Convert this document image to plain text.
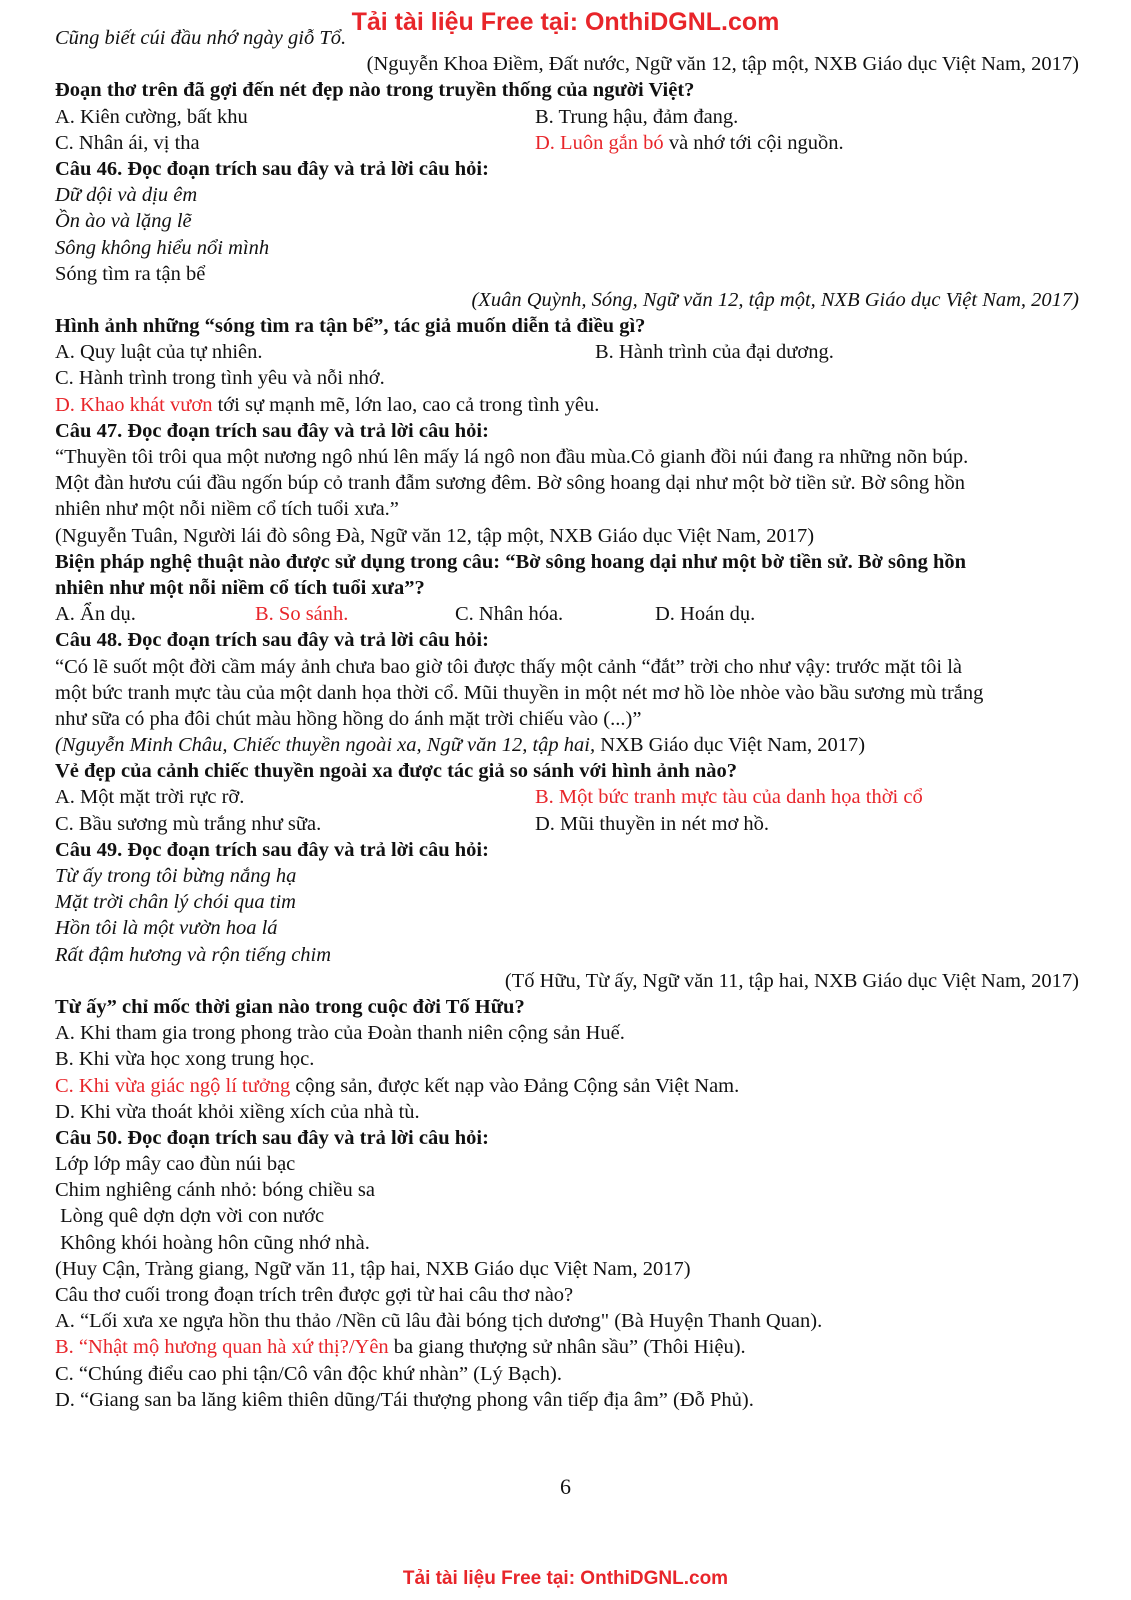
Tải tài liệu Free tại: OnthiDGNL.com
Cũng biết cúi đầu nhớ ngày giỗ Tổ.
(Nguyễn Khoa Điềm, Đất nước, Ngữ văn 12, tập một, NXB Giáo dục Việt Nam, 2017)
Đoạn thơ trên đã gợi đến nét đẹp nào trong truyền thống của người Việt?
A. Kiên cường, bất khu	B. Trung hậu, đảm đang.
C. Nhân ái, vị tha	D. Luôn gắn bó và nhớ tới cội nguồn.
Câu 46. Đọc đoạn trích sau đây và trả lời câu hỏi:
Dữ dội và dịu êm
Ồn ào và lặng lẽ
Sông không hiểu nổi mình
Sóng tìm ra tận bể
(Xuân Quỳnh, Sóng, Ngữ văn 12, tập một, NXB Giáo dục Việt Nam, 2017)
Hình ảnh những “sóng tìm ra tận bể”, tác giả muốn diễn tả điều gì?
A. Quy luật của tự nhiên.	B. Hành trình của đại dương.
C. Hành trình trong tình yêu và nỗi nhớ.
D. Khao khát vươn tới sự mạnh mẽ, lớn lao, cao cả trong tình yêu.
Câu 47. Đọc đoạn trích sau đây và trả lời câu hỏi:
“Thuyền tôi trôi qua một nương ngô nhú lên mấy lá ngô non đầu mùa.Cỏ gianh đồi núi đang ra những nõn búp.
Một đàn hươu cúi đầu ngốn búp cỏ tranh đẫm sương đêm. Bờ sông hoang dại như một bờ tiền sử. Bờ sông hồn
nhiên như một nỗi niềm cổ tích tuổi xưa.”
(Nguyễn Tuân, Người lái đò sông Đà, Ngữ văn 12, tập một, NXB Giáo dục Việt Nam, 2017)
Biện pháp nghệ thuật nào được sử dụng trong câu: “Bờ sông hoang dại như một bờ tiền sử. Bờ sông hồn
nhiên như một nỗi niềm cổ tích tuổi xưa”?
A. Ẩn dụ.	B. So sánh.	C. Nhân hóa.	D. Hoán dụ.
Câu 48. Đọc đoạn trích sau đây và trả lời câu hỏi:
“Có lẽ suốt một đời cầm máy ảnh chưa bao giờ tôi được thấy một cảnh “đắt” trời cho như vậy: trước mặt tôi là
một bức tranh mực tàu của một danh họa thời cổ. Mũi thuyền in một nét mơ hồ lòe nhòe vào bầu sương mù trắng
như sữa có pha đôi chút màu hồng hồng do ánh mặt trời chiếu vào (...)”
(Nguyễn Minh Châu, Chiếc thuyền ngoài xa, Ngữ văn 12, tập hai, NXB Giáo dục Việt Nam, 2017)
Vẻ đẹp của cảnh chiếc thuyền ngoài xa được tác giả so sánh với hình ảnh nào?
A. Một mặt trời rực rỡ.	B. Một bức tranh mực tàu của danh họa thời cổ
C. Bầu sương mù trắng như sữa.	D. Mũi thuyền in nét mơ hồ.
Câu 49. Đọc đoạn trích sau đây và trả lời câu hỏi:
Từ ấy trong tôi bừng nắng hạ
Mặt trời chân lý chói qua tim
Hồn tôi là một vườn hoa lá
Rất đậm hương và rộn tiếng chim
(Tố Hữu, Từ ấy, Ngữ văn 11, tập hai, NXB Giáo dục Việt Nam, 2017)
Từ ấy” chỉ mốc thời gian nào trong cuộc đời Tố Hữu?
A. Khi tham gia trong phong trào của Đoàn thanh niên cộng sản Huế.
B. Khi vừa học xong trung học.
C. Khi vừa giác ngộ lí tưởng cộng sản, được kết nạp vào Đảng Cộng sản Việt Nam.
D. Khi vừa thoát khỏi xiềng xích của nhà tù.
Câu 50. Đọc đoạn trích sau đây và trả lời câu hỏi:
Lớp lớp mây cao đùn núi bạc
Chim nghiêng cánh nhỏ: bóng chiều sa
Lòng quê dợn dợn vời con nước
Không khói hoàng hôn cũng nhớ nhà.
(Huy Cận, Tràng giang, Ngữ văn 11, tập hai, NXB Giáo dục Việt Nam, 2017)
Câu thơ cuối trong đoạn trích trên được gợi từ hai câu thơ nào?
A. “Lối xưa xe ngựa hồn thu thảo /Nền cũ lâu đài bóng tịch dương" (Bà Huyện Thanh Quan).
B. “Nhật mộ hương quan hà xứ thị?/Yên ba giang thượng sử nhân sầu” (Thôi Hiệu).
C. “Chúng điểu cao phi tận/Cô vân độc khứ nhàn” (Lý Bạch).
D. “Giang san ba lăng kiêm thiên dũng/Tái thượng phong vân tiếp địa âm” (Đỗ Phủ).
6
Tải tài liệu Free tại: OnthiDGNL.com
